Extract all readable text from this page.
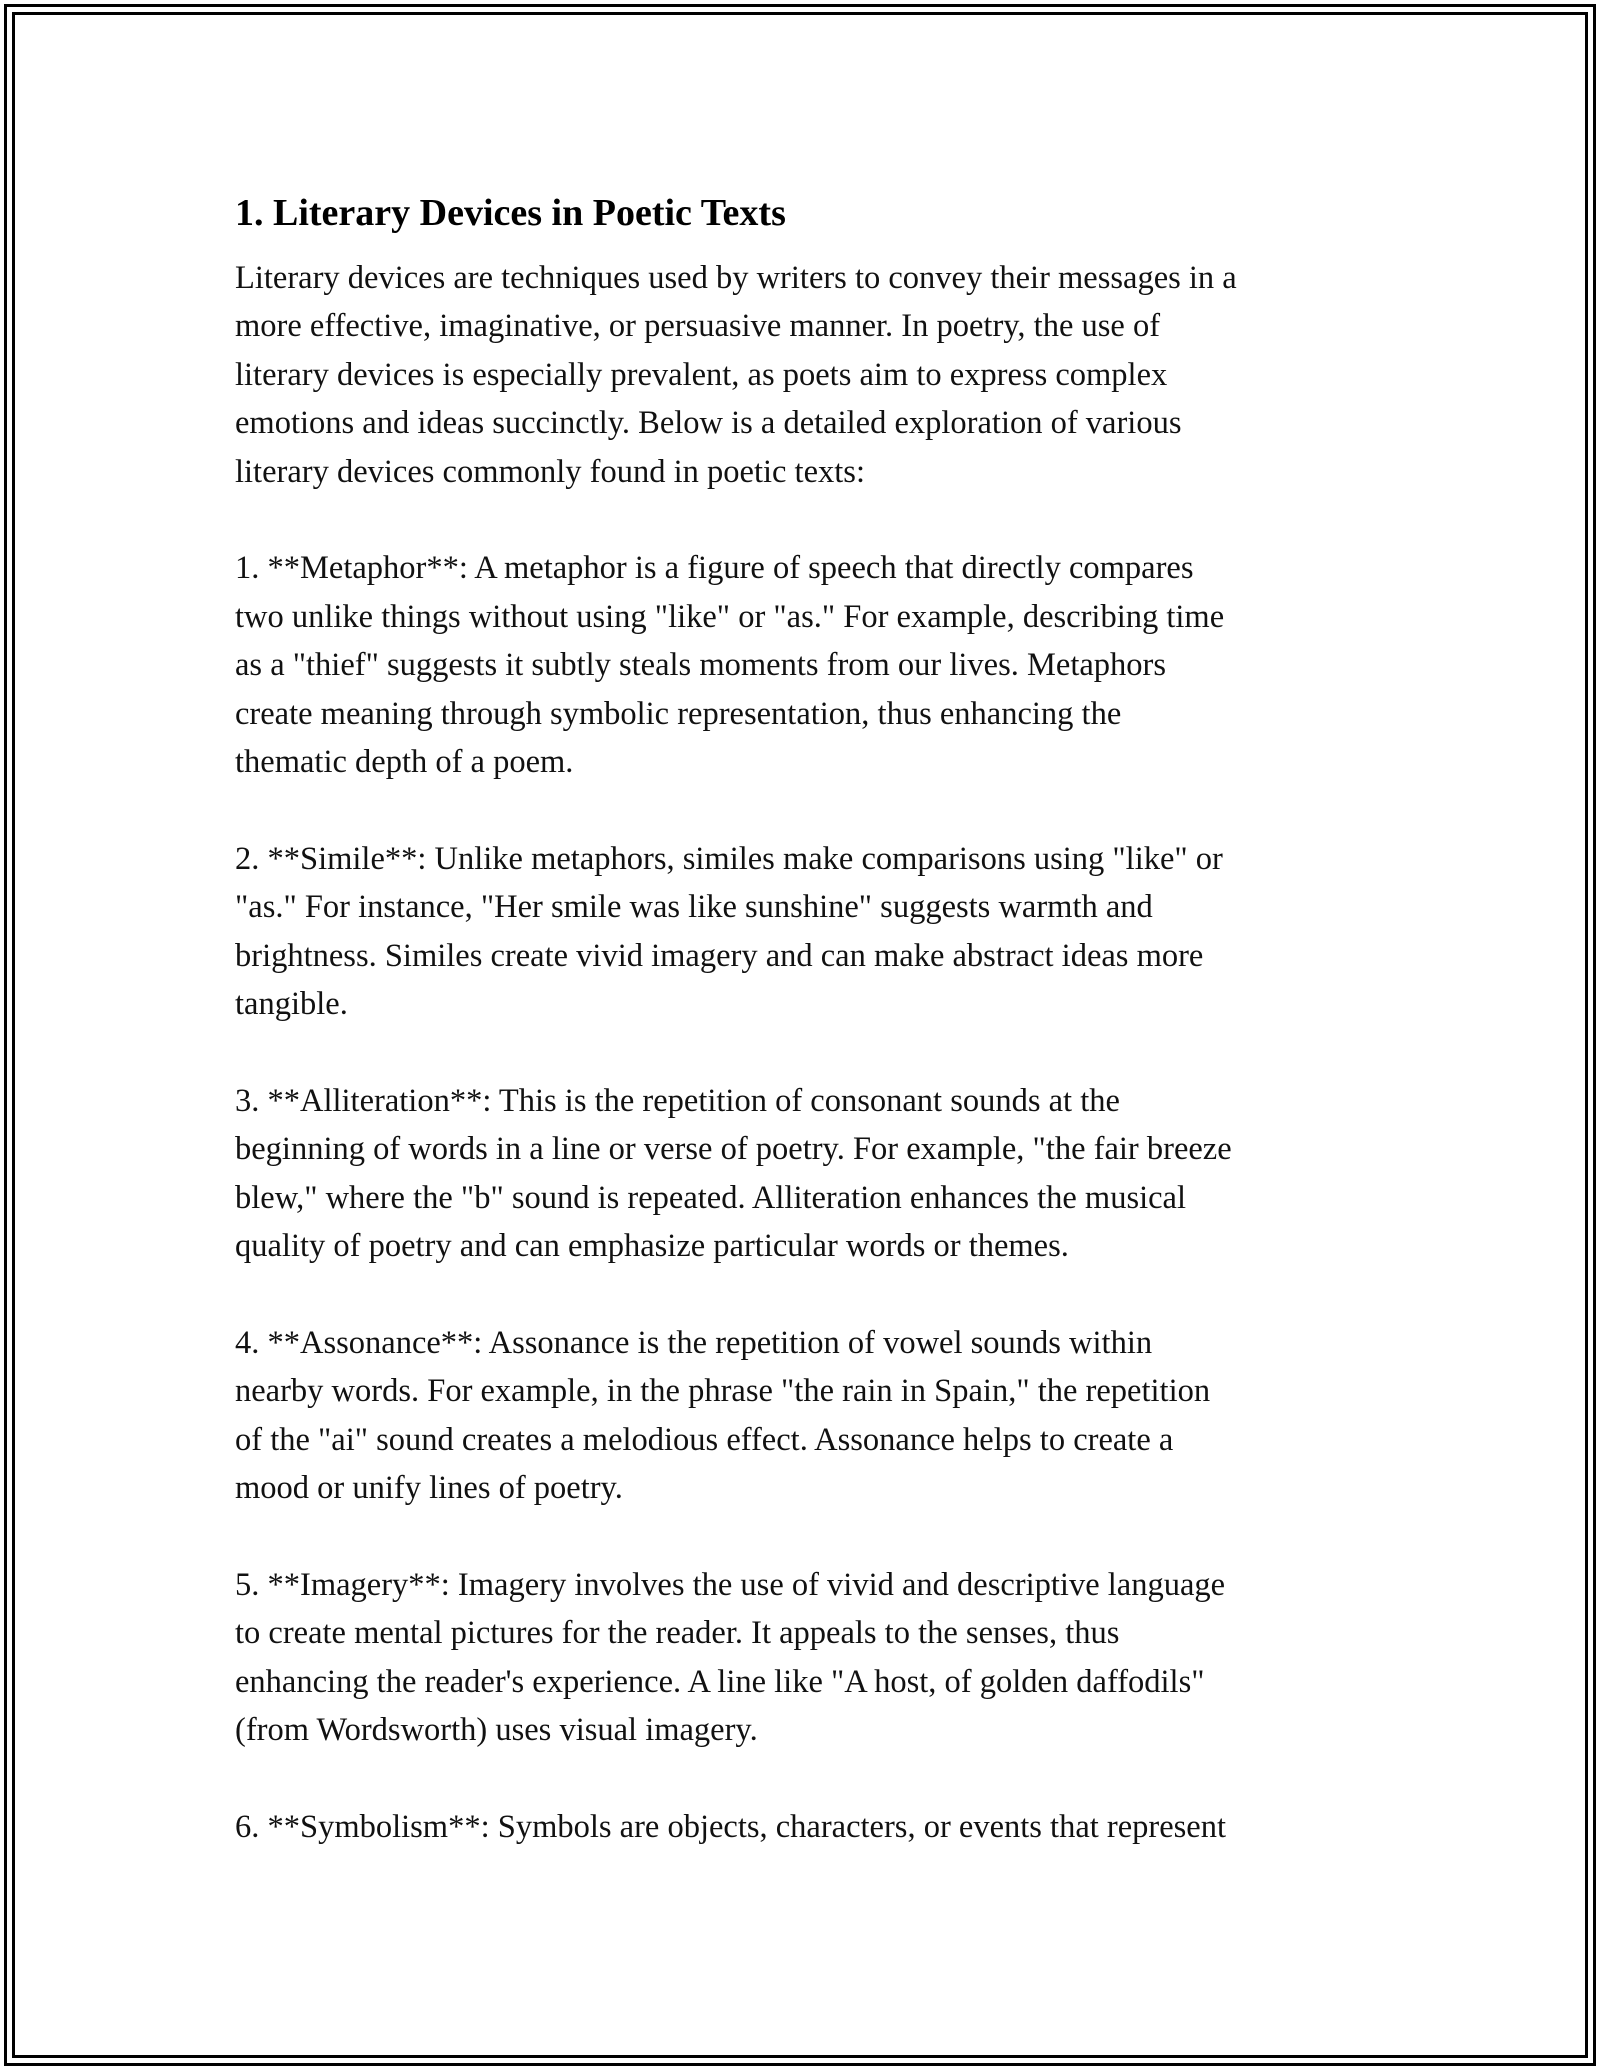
1. Literary Devices in Poetic Texts

Literary devices are techniques used by writers to convey their messages in a
more effective, imaginative, or persuasive manner. In poetry, the use of
literary devices is especially prevalent, as poets aim to express complex
emotions and ideas succinctly. Below is a detailed exploration of various
literary devices commonly found in poetic texts:

1. **Metaphor**: A metaphor is a figure of speech that directly compares
two unlike things without using "like" or "as." For example, describing time
as a "thief" suggests it subtly steals moments from our lives. Metaphors
create meaning through symbolic representation, thus enhancing the
thematic depth of a poem.

2. **Simile**: Unlike metaphors, similes make comparisons using "like" or
"as." For instance, "Her smile was like sunshine" suggests warmth and
brightness. Similes create vivid imagery and can make abstract ideas more
tangible.

3. **Alliteration**: This is the repetition of consonant sounds at the
beginning of words in a line or verse of poetry. For example, "the fair breeze
blew," where the "b" sound is repeated. Alliteration enhances the musical
quality of poetry and can emphasize particular words or themes.

4. **Assonance**: Assonance is the repetition of vowel sounds within
nearby words. For example, in the phrase "the rain in Spain," the repetition
of the "ai" sound creates a melodious effect. Assonance helps to create a
mood or unify lines of poetry.

5. **Imagery**: Imagery involves the use of vivid and descriptive language
to create mental pictures for the reader. It appeals to the senses, thus
enhancing the reader's experience. A line like "A host, of golden daffodils"
(from Wordsworth) uses visual imagery.

6. **Symbolism**: Symbols are objects, characters, or events that represent
